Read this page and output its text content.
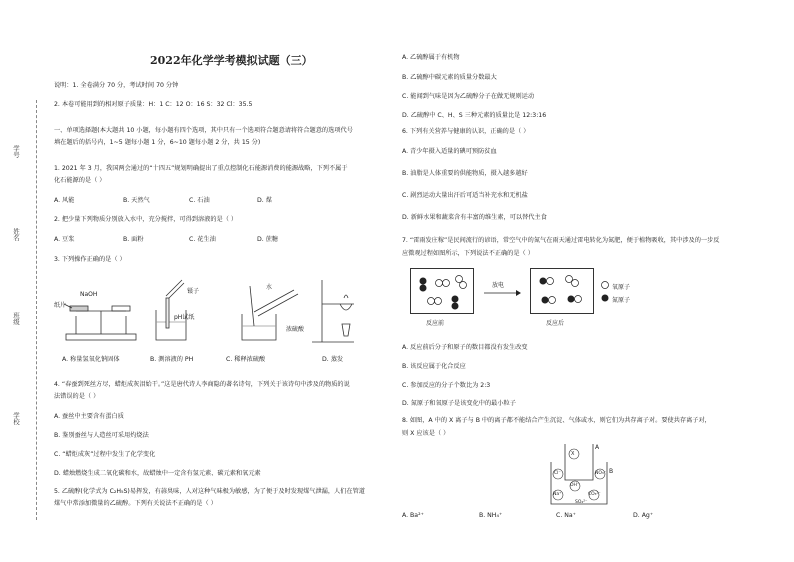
学号
姓名
班级
学校
2022年化学学考模拟试题（三）
说明：1. 全卷满分 70 分，考试时间 70 分钟
2. 本卷可能用到的相对原子质量：H：1 C：12 O：16 S：32 Cl：35.5
一、单项选择题(本大题共 10 小题，每小题有四个选项，其中只有一个选项符合题意请将符合题意的选项代号
填在题后的括号内，1~5 题每小题 1 分，6~10 题每小题 2 分，共 15 分)
1. 2021 年 3 月，我国两会通过的“十四五”规划明确提出了重点控制化石能源消费的能源战略，下列不属于
化石能源的是（ ）
A. 风能	B. 天然气	C. 石油	D. 煤
2. 把少量下列物质分别放入水中，充分搅拌，可得到溶液的是（ ）
A. 豆浆	B. 面粉	C. 花生油	D. 蔗糖
3. 下列操作正确的是（ ）
NaOH
纸片
镊子
pH试纸
水
浓硫酸
A. 称量氢氧化钠固体	B. 测溶液的 PH	C. 稀释浓硫酸	D. 蒸发
4. “春蚕到死丝方尽，蜡炬成灰泪始干。”这是唐代诗人李商隐的著名诗句，下列关于该诗句中涉及的物质的说
法错误的是（ ）
A. 蚕丝中主要含有蛋白质
B. 鉴别蚕丝与人造丝可采用灼烧法
C. “蜡炬成灰”过程中发生了化学变化
D. 蜡烛燃烧生成二氧化碳和水，故蜡烛中一定含有氢元素、碳元素和氧元素
5. 乙硫醇(化学式为 C₂H₅S)易挥发，有蒜臭味，人对这种气味极为敏感，为了便于及时发现煤气泄漏，人们在管道
煤气中常添加微量的乙硫醇。下列有关说法不正确的是（ ）
A. 乙硫醇属于有机物
B. 乙硫醇中碳元素的质量分数最大
C. 能闻到气味是因为乙硫醇分子在做无规则运动
D. 乙硫醇中 C、H、S 三种元素的质量比是 12:3:16
6. 下列有关营养与健康的认识，正确的是（ ）
A. 青少年摄入适量的碘可预防贫血
B. 油脂是人体重要的供能物质，摄入越多越好
C. 剧烈运动大量出汗后可适当补充水和无机盐
D. 新鲜水果和蔬菜含有丰富的维生素，可以替代主食
7. “雷雨发庄稼”是民间流行的谚语，常空气中的氮气在雨天通过雷电转化为氮肥，便于植物吸收，其中涉及的一步反
应微观过程如图所示，下列说法不正确的是（ ）
反应前
放电
反应后
氧原子
氮原子
A. 反应前后分子和原子的数目都没有发生改变
B. 该反应属于化合反应
C. 参加反应的分子个数比为 2:3
D. 氮原子和氧原子是该变化中的最小粒子
8. 如图，A 中的 X 离子与 B 中的离子都不能结合产生沉淀、气体或水，则它们为共存离子对。要使共存离子对，
则 X 应该是（ ）
X
A
B
Cl⁻	NO₃⁻
OH⁻
Na⁺	CO₃²⁻
SO₄²⁻
A. Ba²⁺	B. NH₄⁺	C. Na⁺	D. Ag⁺
